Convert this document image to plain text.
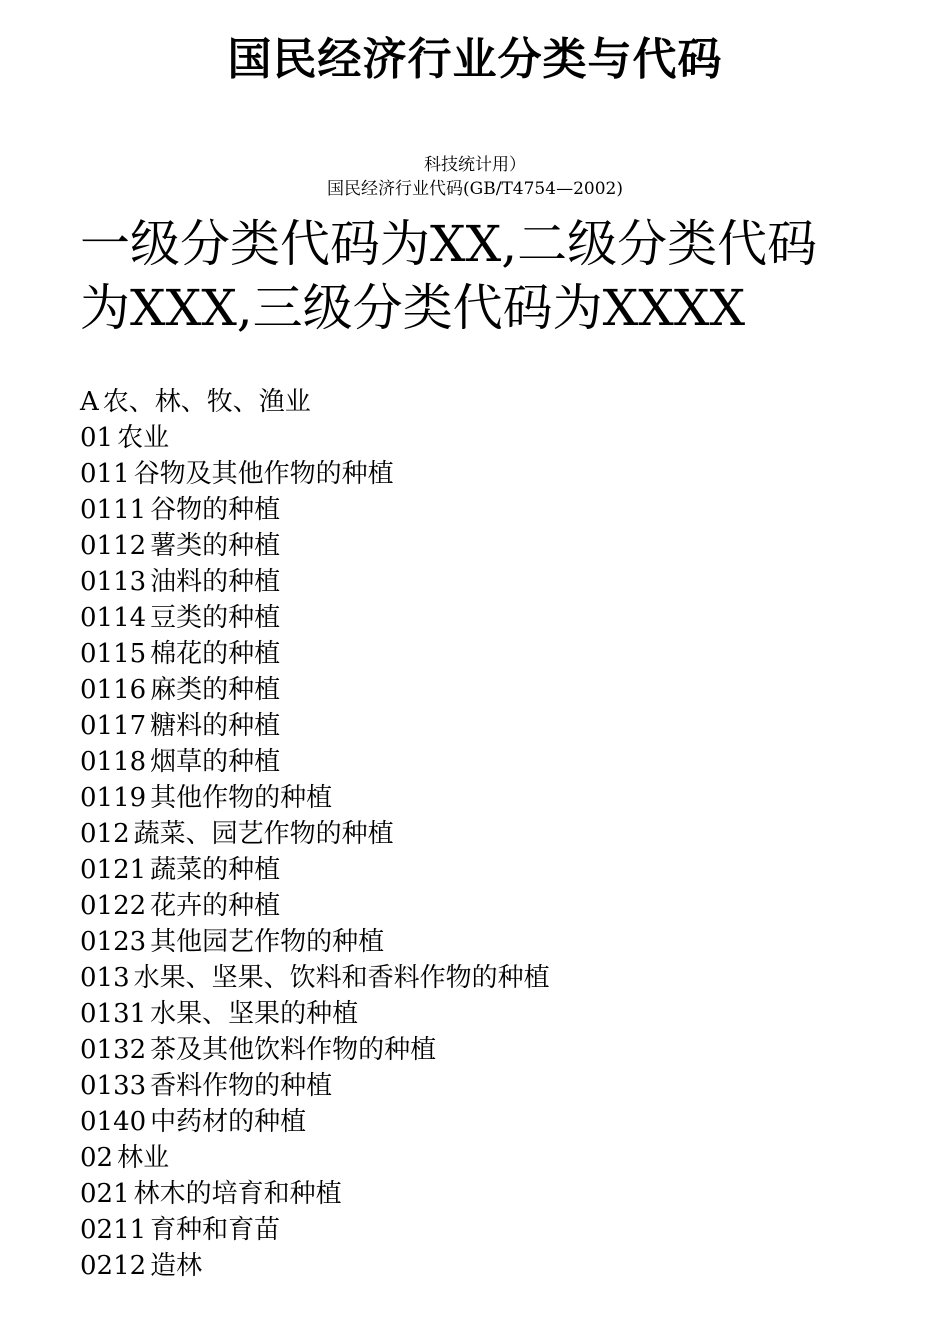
国民经济行业分类与代码
科技统计用）
国民经济行业代码(GB/T4754—2002)
一级分类代码为XX,二级分类代码
为XXX,三级分类代码为XXXX
A 农、林、牧、渔业
01 农业
011 谷物及其他作物的种植
0111 谷物的种植
0112 薯类的种植
0113 油料的种植
0114 豆类的种植
0115 棉花的种植
0116 麻类的种植
0117 糖料的种植
0118 烟草的种植
0119 其他作物的种植
012 蔬菜、园艺作物的种植
0121 蔬菜的种植
0122 花卉的种植
0123 其他园艺作物的种植
013 水果、坚果、饮料和香料作物的种植
0131 水果、坚果的种植
0132 茶及其他饮料作物的种植
0133 香料作物的种植
0140 中药材的种植
02 林业
021 林木的培育和种植
0211 育种和育苗
0212 造林
